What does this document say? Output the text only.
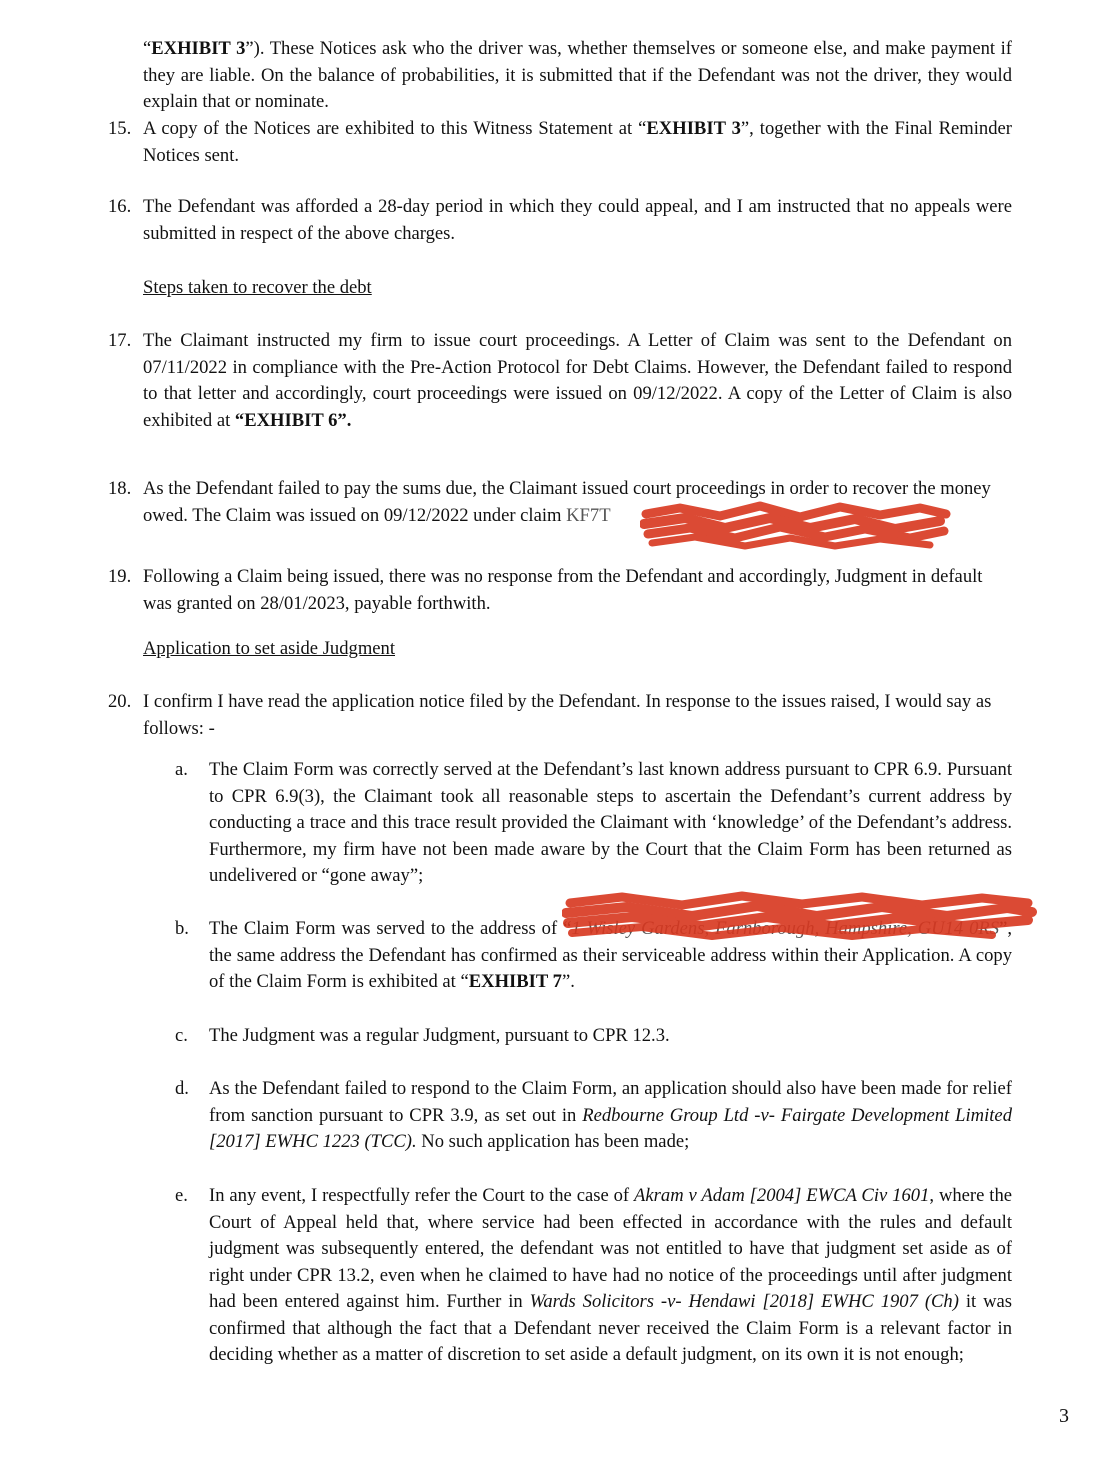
“EXHIBIT 3”). These Notices ask who the driver was, whether themselves or someone else, and make payment if they are liable. On the balance of probabilities, it is submitted that if the Defendant was not the driver, they would explain that or nominate.
15. A copy of the Notices are exhibited to this Witness Statement at “EXHIBIT 3”, together with the Final Reminder Notices sent.
16. The Defendant was afforded a 28-day period in which they could appeal, and I am instructed that no appeals were submitted in respect of the above charges.
Steps taken to recover the debt
17. The Claimant instructed my firm to issue court proceedings. A Letter of Claim was sent to the Defendant on 07/11/2022 in compliance with the Pre-Action Protocol for Debt Claims. However, the Defendant failed to respond to that letter and accordingly, court proceedings were issued on 09/12/2022. A copy of the Letter of Claim is also exhibited at “EXHIBIT 6”.
18. As the Defendant failed to pay the sums due, the Claimant issued court proceedings in order to recover the money owed. The Claim was issued on 09/12/2022 under claim KF7T
19. Following a Claim being issued, there was no response from the Defendant and accordingly, Judgment in default was granted on 28/01/2023, payable forthwith.
Application to set aside Judgment
20. I confirm I have read the application notice filed by the Defendant. In response to the issues raised, I would say as follows: -
a.	The Claim Form was correctly served at the Defendant’s last known address pursuant to CPR 6.9. Pursuant to CPR 6.9(3), the Claimant took all reasonable steps to ascertain the Defendant’s current address by conducting a trace and this trace result provided the Claimant with ‘knowledge’ of the Defendant’s address. Furthermore, my firm have not been made aware by the Court that the Claim Form has been returned as undelivered or “gone away”;
b.	The Claim Form was served to the address of “1 Wisley Gardens, Farnborough, Hampshire, GU14 0RS”, the same address the Defendant has confirmed as their serviceable address within their Application. A copy of the Claim Form is exhibited at “EXHIBIT 7”.
c.	The Judgment was a regular Judgment, pursuant to CPR 12.3.
d.	As the Defendant failed to respond to the Claim Form, an application should also have been made for relief from sanction pursuant to CPR 3.9, as set out in Redbourne Group Ltd -v- Fairgate Development Limited [2017] EWHC 1223 (TCC). No such application has been made;
e.	In any event, I respectfully refer the Court to the case of Akram v Adam [2004] EWCA Civ 1601, where the Court of Appeal held that, where service had been effected in accordance with the rules and default judgment was subsequently entered, the defendant was not entitled to have that judgment set aside as of right under CPR 13.2, even when he claimed to have had no notice of the proceedings until after judgment had been entered against him. Further in Wards Solicitors -v- Hendawi [2018] EWHC 1907 (Ch) it was confirmed that although the fact that a Defendant never received the Claim Form is a relevant factor in deciding whether as a matter of discretion to set aside a default judgment, on its own it is not enough;
3
